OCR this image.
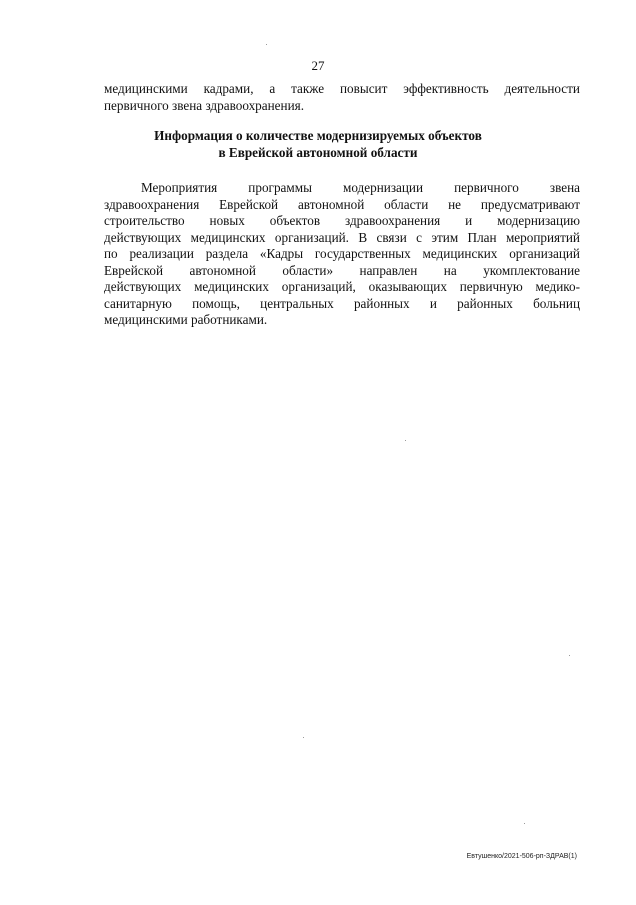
27
медицинскими кадрами, а также повысит эффективность деятельности
первичного звена здравоохранения.
Информация о количестве модернизируемых объектов
в Еврейской автономной области
Мероприятия программы модернизации первичного звена
здравоохранения Еврейской автономной области не предусматривают
строительство новых объектов здравоохранения и модернизацию
действующих медицинских организаций. В связи с этим План мероприятий
по реализации раздела «Кадры государственных медицинских организаций
Еврейской автономной области» направлен на укомплектование
действующих медицинских организаций, оказывающих первичную медико-
санитарную помощь, центральных районных и районных больниц
медицинскими работниками.
Евтушенко/2021-506-рп-ЗДРАВ(1)
